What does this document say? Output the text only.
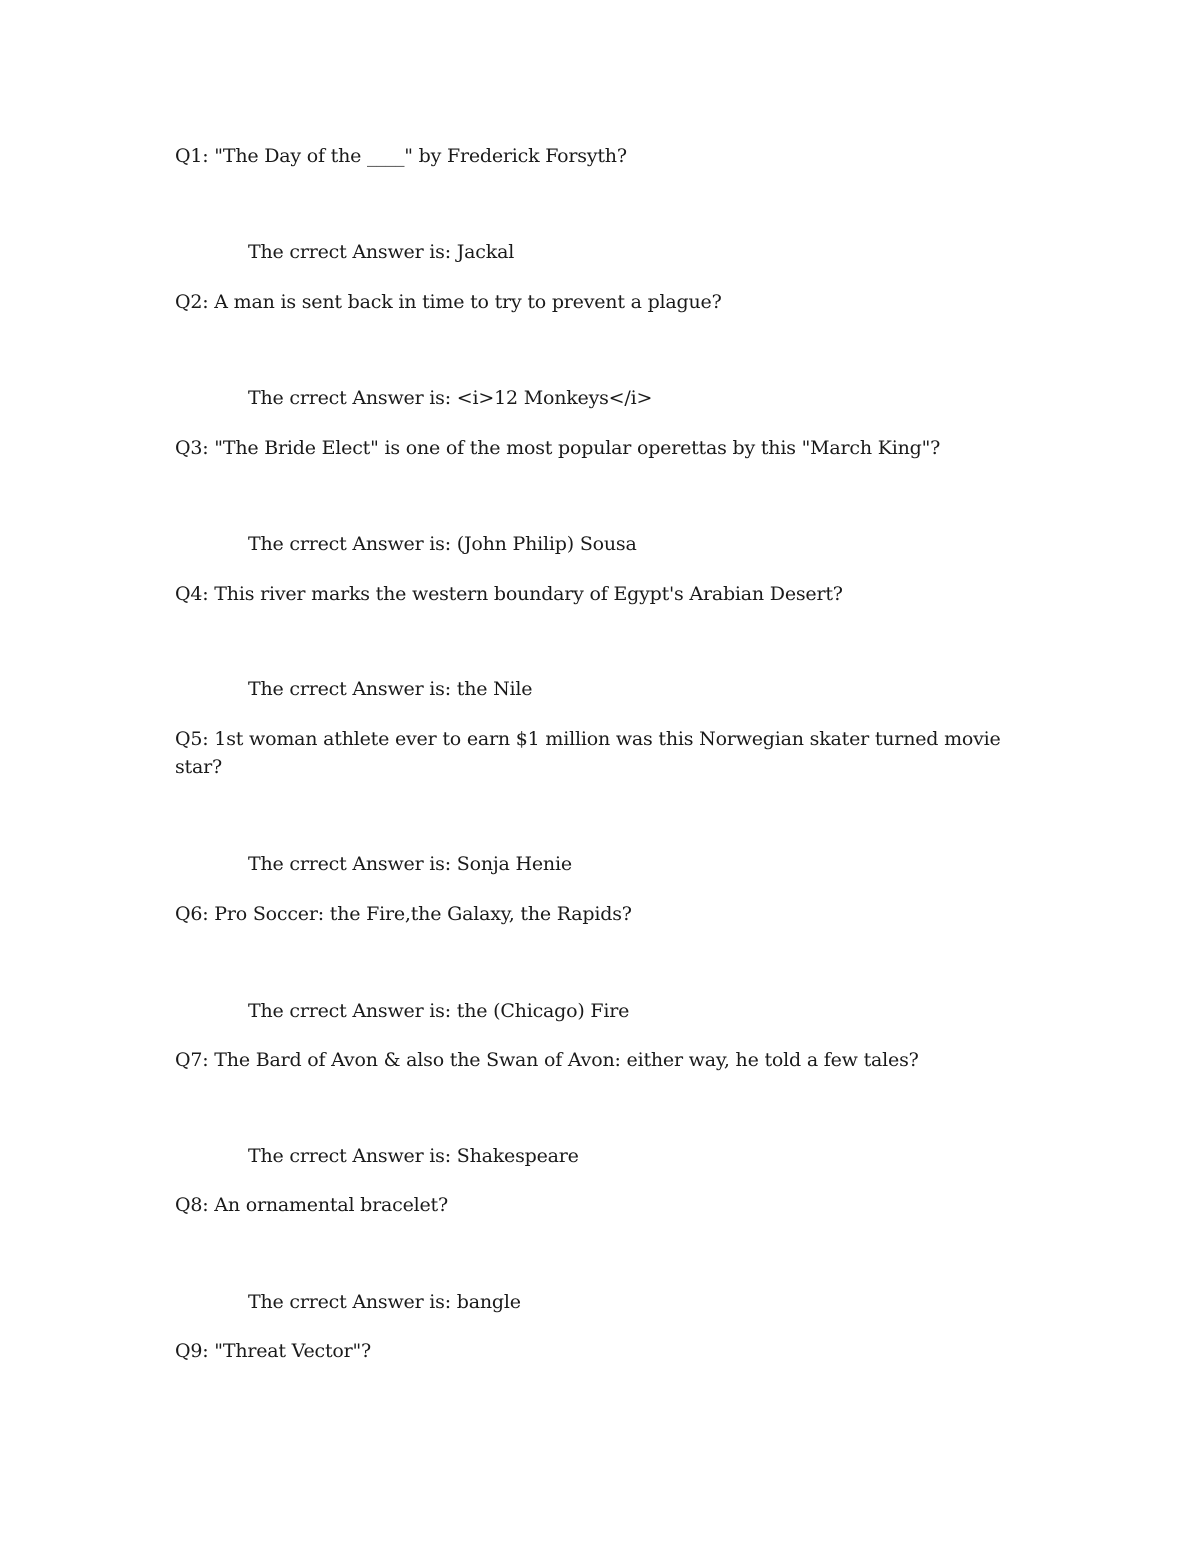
Q1: "The Day of the ____" by Frederick Forsyth?
The crrect Answer is: Jackal
Q2: A man is sent back in time to try to prevent a plague?
The crrect Answer is: <i>12 Monkeys</i>
Q3: "The Bride Elect" is one of the most popular operettas by this "March King"?
The crrect Answer is: (John Philip) Sousa
Q4: This river marks the western boundary of Egypt's Arabian Desert?
The crrect Answer is: the Nile
Q5: 1st woman athlete ever to earn $1 million was this Norwegian skater turned movie star?
The crrect Answer is: Sonja Henie
Q6: Pro Soccer: the Fire,the Galaxy, the Rapids?
The crrect Answer is: the (Chicago) Fire
Q7: The Bard of Avon & also the Swan of Avon: either way, he told a few tales?
The crrect Answer is: Shakespeare
Q8: An ornamental bracelet?
The crrect Answer is: bangle
Q9: "Threat Vector"?
